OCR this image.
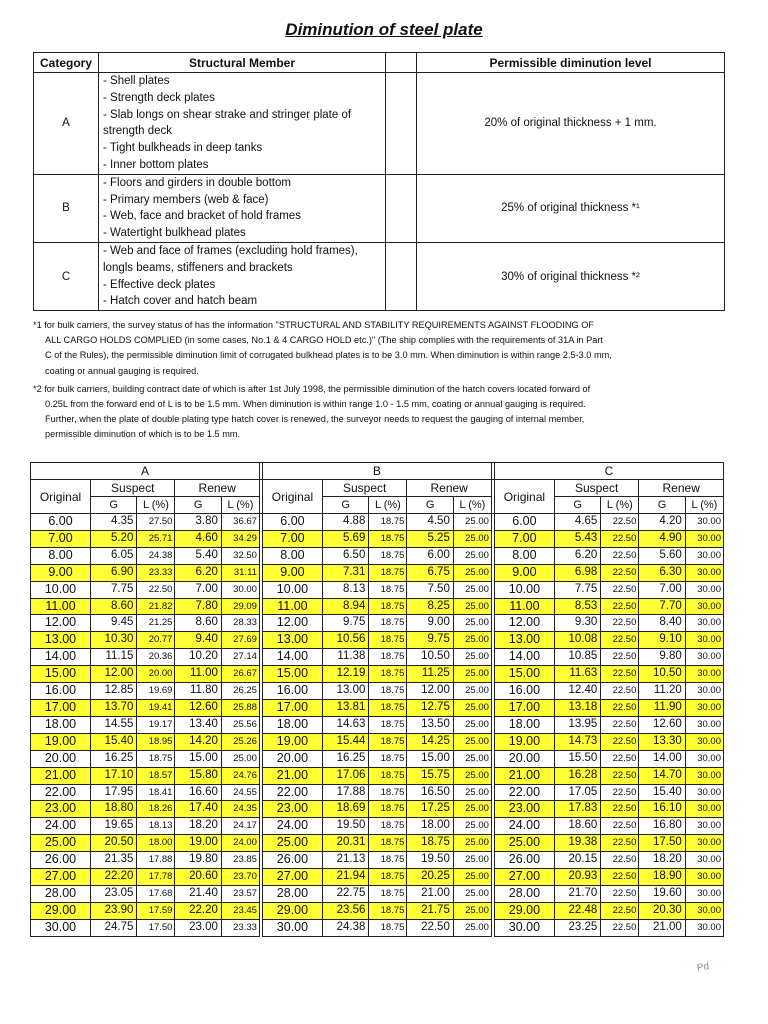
Diminution of steel plate
Category	Structural Member		Permissible diminution level
A	- Shell plates
- Strength deck plates
- Slab longs on shear strake and stringer plate of strength deck
- Tight bulkheads in deep tanks
- Inner bottom plates		20% of original thickness + 1 mm.
B	- Floors and girders in double bottom
- Primary members (web & face)
- Web, face and bracket of hold frames
- Watertight bulkhead plates		25% of original thickness *¹
C	- Web and face of frames (excluding hold frames), longls beams, stiffeners and brackets
- Effective deck plates
- Hatch cover and hatch beam		30% of original thickness *²

*1 for bulk carriers, the survey status of has the information "STRUCTURAL AND STABILITY REQUIREMENTS AGAINST FLOODING OF
ALL CARGO HOLDS COMPLIED (in some cases, No.1 & 4 CARGO HOLD etc.)" (The ship complies with the requirements of 31A in Part
C of the Rules), the permissible diminution limit of corrugated bulkhead plates is to be 3.0 mm. When diminution is within range 2.5-3.0 mm,
coating or annual gauging is required.

*2 for bulk carriers, building contract date of which is after 1st July 1998, the permissible diminution of the hatch covers located forward of
0.25L from the forward end of L is to be 1.5 mm. When diminution is within range 1.0 - 1.5 mm, coating or annual gauging is required.
Further, when the plate of double plating type hatch cover is renewed, the surveyor needs to request the gauging of internal member,
permissible diminution of which is to be 1.5 mm.

A						B						C				
Original	Suspect		Renew			Original	Suspect		Renew			Original	Suspect		Renew	
	G	L (%)	G	L (%)			G	L (%)	G	L (%)			G	L (%)	G	L (%)
6.00	4.35	27.50	3.80	36.67		6.00	4.88	18.75	4.50	25.00		6.00	4.65	22.50	4.20	30.00
7.00	5.20	25.71	4.60	34.29		7.00	5.69	18.75	5.25	25.00		7.00	5.43	22.50	4.90	30.00
8.00	6.05	24.38	5.40	32.50		8.00	6.50	18.75	6.00	25.00		8.00	6.20	22.50	5.60	30.00
9.00	6.90	23.33	6.20	31.11		9.00	7.31	18.75	6.75	25.00		9.00	6.98	22.50	6.30	30.00
10.00	7.75	22.50	7.00	30.00		10.00	8.13	18.75	7.50	25.00		10.00	7.75	22.50	7.00	30.00
11.00	8.60	21.82	7.80	29.09		11.00	8.94	18.75	8.25	25.00		11.00	8.53	22.50	7.70	30.00
12.00	9.45	21.25	8.60	28.33		12.00	9.75	18.75	9.00	25.00		12.00	9.30	22.50	8.40	30.00
13.00	10.30	20.77	9.40	27.69		13.00	10.56	18.75	9.75	25.00		13.00	10.08	22.50	9.10	30.00
14.00	11.15	20.36	10.20	27.14		14.00	11.38	18.75	10.50	25.00		14.00	10.85	22.50	9.80	30.00
15.00	12.00	20.00	11.00	26.67		15.00	12.19	18.75	11.25	25.00		15.00	11.63	22.50	10.50	30.00
16.00	12.85	19.69	11.80	26.25		16.00	13.00	18.75	12.00	25.00		16.00	12.40	22.50	11.20	30.00
17.00	13.70	19.41	12.60	25.88		17.00	13.81	18.75	12.75	25.00		17.00	13.18	22.50	11.90	30.00
18.00	14.55	19.17	13.40	25.56		18.00	14.63	18.75	13.50	25.00		18.00	13.95	22.50	12.60	30.00
19.00	15.40	18.95	14.20	25.26		19.00	15.44	18.75	14.25	25.00		19.00	14.73	22.50	13.30	30.00
20.00	16.25	18.75	15.00	25.00		20.00	16.25	18.75	15.00	25.00		20.00	15.50	22.50	14.00	30.00
21.00	17.10	18.57	15.80	24.76		21.00	17.06	18.75	15.75	25.00		21.00	16.28	22.50	14.70	30.00
22.00	17.95	18.41	16.60	24.55		22.00	17.88	18.75	16.50	25.00		22.00	17.05	22.50	15.40	30.00
23.00	18.80	18.26	17.40	24.35		23.00	18.69	18.75	17.25	25.00		23.00	17.83	22.50	16.10	30.00
24.00	19.65	18.13	18.20	24.17		24.00	19.50	18.75	18.00	25.00		24.00	18.60	22.50	16.80	30.00
25.00	20.50	18.00	19.00	24.00		25.00	20.31	18.75	18.75	25.00		25.00	19.38	22.50	17.50	30.00
26.00	21.35	17.88	19.80	23.85		26.00	21.13	18.75	19.50	25.00		26.00	20.15	22.50	18.20	30.00
27.00	22.20	17.78	20.60	23.70		27.00	21.94	18.75	20.25	25.00		27.00	20.93	22.50	18.90	30.00
28.00	23.05	17.68	21.40	23.57		28.00	22.75	18.75	21.00	25.00		28.00	21.70	22.50	19.60	30.00
29.00	23.90	17.59	22.20	23.45		29.00	23.56	18.75	21.75	25.00		29.00	22.48	22.50	20.30	30.00
30.00	24.75	17.50	23.00	23.33		30.00	24.38	18.75	22.50	25.00		30.00	23.25	22.50	21.00	30.00
Pd
